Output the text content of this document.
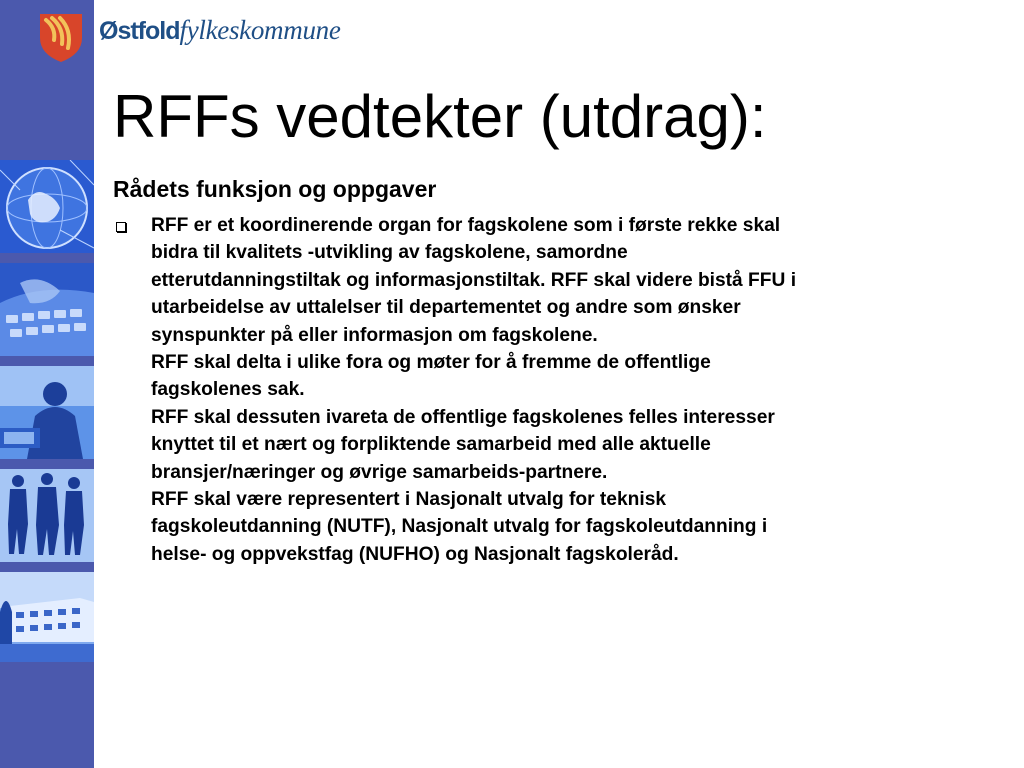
Østfoldfylkeskommune
RFFs vedtekter (utdrag):
Rådets funksjon og oppgaver
RFF er et koordinerende organ for fagskolene som i første rekke skal
bidra til kvalitets -utvikling av fagskolene, samordne
etterutdanningstiltak og informasjonstiltak. RFF skal videre bistå FFU i
utarbeidelse av uttalelser til departementet og andre som ønsker
synspunkter på eller informasjon om fagskolene.
RFF skal delta i ulike fora og møter for å fremme de offentlige
fagskolenes sak.
RFF skal dessuten ivareta de offentlige fagskolenes felles interesser
knyttet til et nært og forpliktende samarbeid med alle aktuelle
bransjer/næringer og øvrige samarbeids-partnere.
RFF skal være representert i Nasjonalt utvalg for teknisk
fagskoleutdanning (NUTF), Nasjonalt utvalg for fagskoleutdanning i
helse- og oppvekstfag (NUFHO) og Nasjonalt fagskoleråd.
